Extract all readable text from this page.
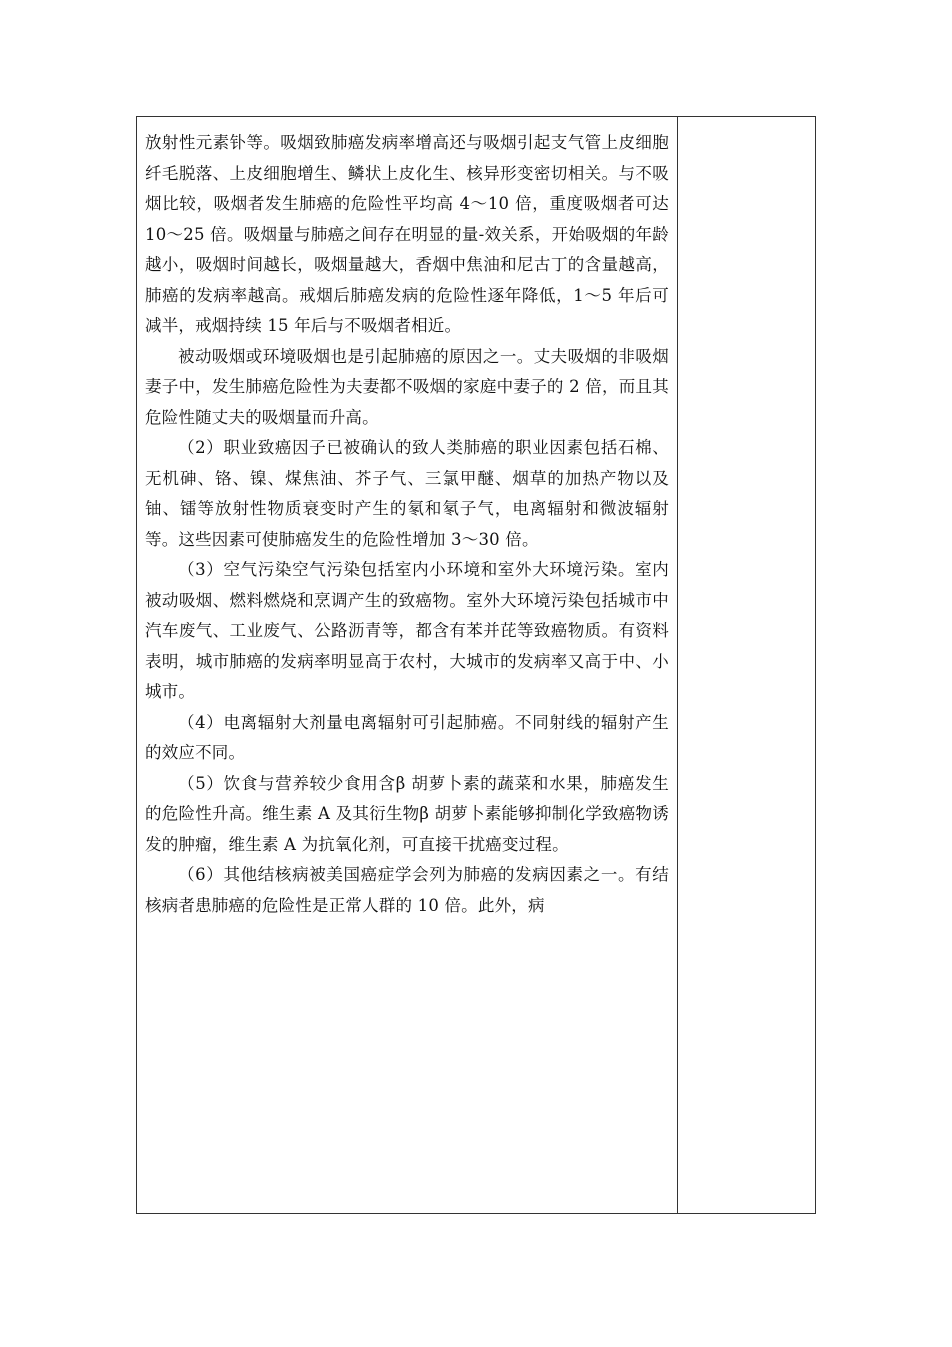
放射性元素钋等。吸烟致肺癌发病率增高还与吸烟引起支气管上皮细胞纤毛脱落、上皮细胞增生、鳞状上皮化生、核异形变密切相关。与不吸烟比较，吸烟者发生肺癌的危险性平均高 4～10 倍，重度吸烟者可达 10～25 倍。吸烟量与肺癌之间存在明显的量-效关系，开始吸烟的年龄越小，吸烟时间越长，吸烟量越大，香烟中焦油和尼古丁的含量越高，肺癌的发病率越高。戒烟后肺癌发病的危险性逐年降低，1～5 年后可减半，戒烟持续 15 年后与不吸烟者相近。

被动吸烟或环境吸烟也是引起肺癌的原因之一。丈夫吸烟的非吸烟妻子中，发生肺癌危险性为夫妻都不吸烟的家庭中妻子的 2 倍，而且其危险性随丈夫的吸烟量而升高。

（2）职业致癌因子已被确认的致人类肺癌的职业因素包括石棉、无机砷、铬、镍、煤焦油、芥子气、三氯甲醚、烟草的加热产物以及铀、镭等放射性物质衰变时产生的氡和氡子气，电离辐射和微波辐射等。这些因素可使肺癌发生的危险性增加 3～30 倍。

（3）空气污染空气污染包括室内小环境和室外大环境污染。室内被动吸烟、燃料燃烧和烹调产生的致癌物。室外大环境污染包括城市中汽车废气、工业废气、公路沥青等，都含有苯并芘等致癌物质。有资料表明，城市肺癌的发病率明显高于农村，大城市的发病率又高于中、小城市。

（4）电离辐射大剂量电离辐射可引起肺癌。不同射线的辐射产生的效应不同。

（5）饮食与营养较少食用含β 胡萝卜素的蔬菜和水果，肺癌发生的危险性升高。维生素 A 及其衍生物β 胡萝卜素能够抑制化学致癌物诱发的肿瘤，维生素 A 为抗氧化剂，可直接干扰癌变过程。

（6）其他结核病被美国癌症学会列为肺癌的发病因素之一。有结核病者患肺癌的危险性是正常人群的 10 倍。此外，病
